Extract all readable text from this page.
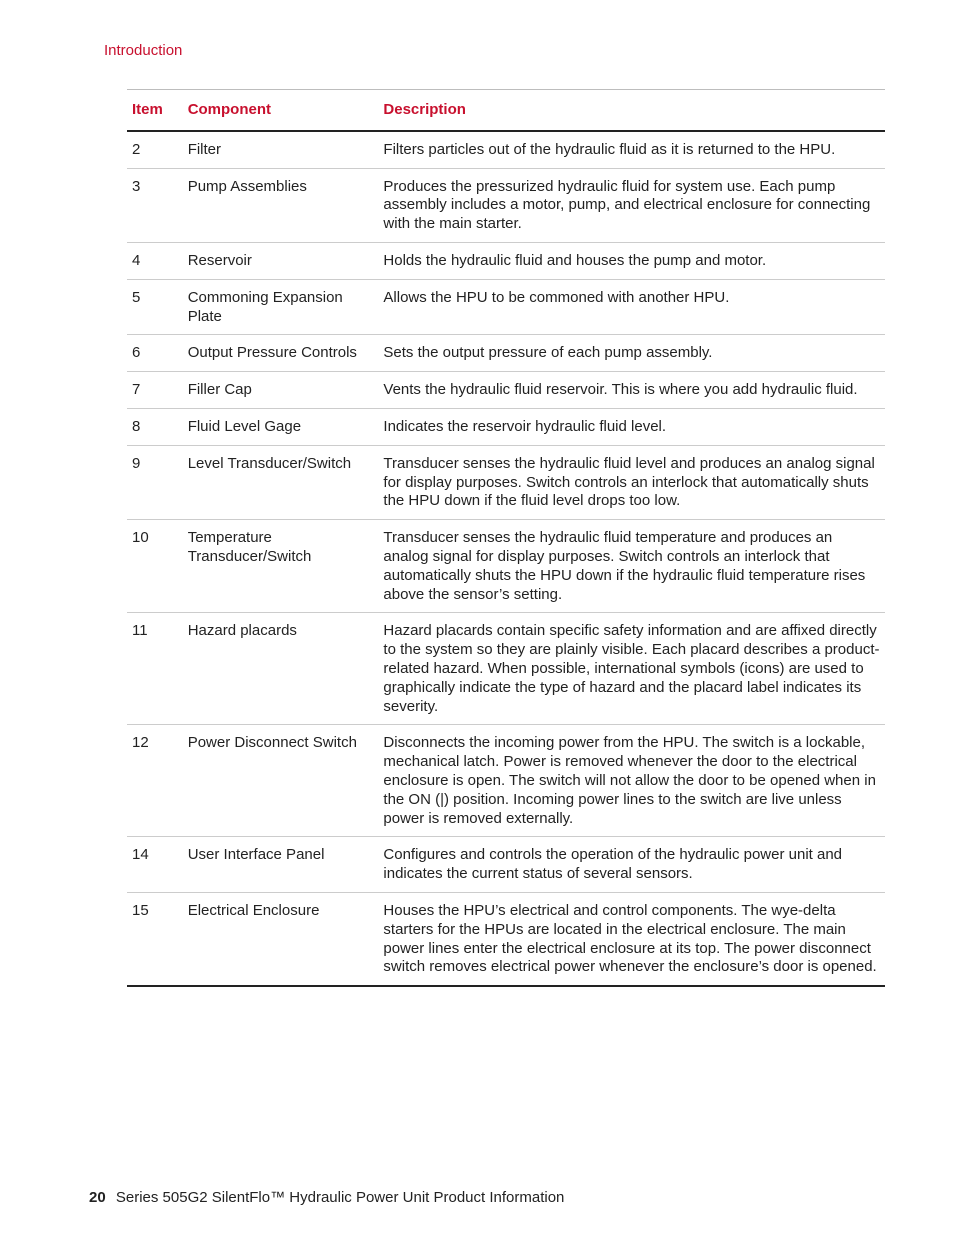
Introduction
Item	Component	Description
2	Filter	Filters particles out of the hydraulic fluid as it is returned to the HPU.
3	Pump Assemblies	Produces the pressurized hydraulic fluid for system use. Each pump assembly includes a motor, pump, and electrical enclosure for connecting with the main starter.
4	Reservoir	Holds the hydraulic fluid and houses the pump and motor.
5	Commoning Expansion Plate	Allows the HPU to be commoned with another HPU.
6	Output Pressure Controls	Sets the output pressure of each pump assembly.
7	Filler Cap	Vents the hydraulic fluid reservoir. This is where you add hydraulic fluid.
8	Fluid Level Gage	Indicates the reservoir hydraulic fluid level.
9	Level Transducer/Switch	Transducer senses the hydraulic fluid level and produces an analog signal for display purposes. Switch controls an interlock that automatically shuts the HPU down if the fluid level drops too low.
10	Temperature Transducer/Switch	Transducer senses the hydraulic fluid temperature and produces an analog signal for display purposes. Switch controls an interlock that automatically shuts the HPU down if the hydraulic fluid temperature rises above the sensor’s setting.
11	Hazard placards	Hazard placards contain specific safety information and are affixed directly to the system so they are plainly visible. Each placard describes a product-related hazard. When possible, international symbols (icons) are used to graphically indicate the type of hazard and the placard label indicates its severity.
12	Power Disconnect Switch	Disconnects the incoming power from the HPU. The switch is a lockable, mechanical latch. Power is removed whenever the door to the electrical enclosure is open. The switch will not allow the door to be opened when in the ON (|) position. Incoming power lines to the switch are live unless power is removed externally.
14	User Interface Panel	Configures and controls the operation of the hydraulic power unit and indicates the current status of several sensors.
15	Electrical Enclosure	Houses the HPU’s electrical and control components. The wye-delta starters for the HPUs are located in the electrical enclosure. The main power lines enter the electrical enclosure at its top. The power disconnect switch removes electrical power whenever the enclosure’s door is opened.
20 Series 505G2 SilentFlo™ Hydraulic Power Unit Product Information
